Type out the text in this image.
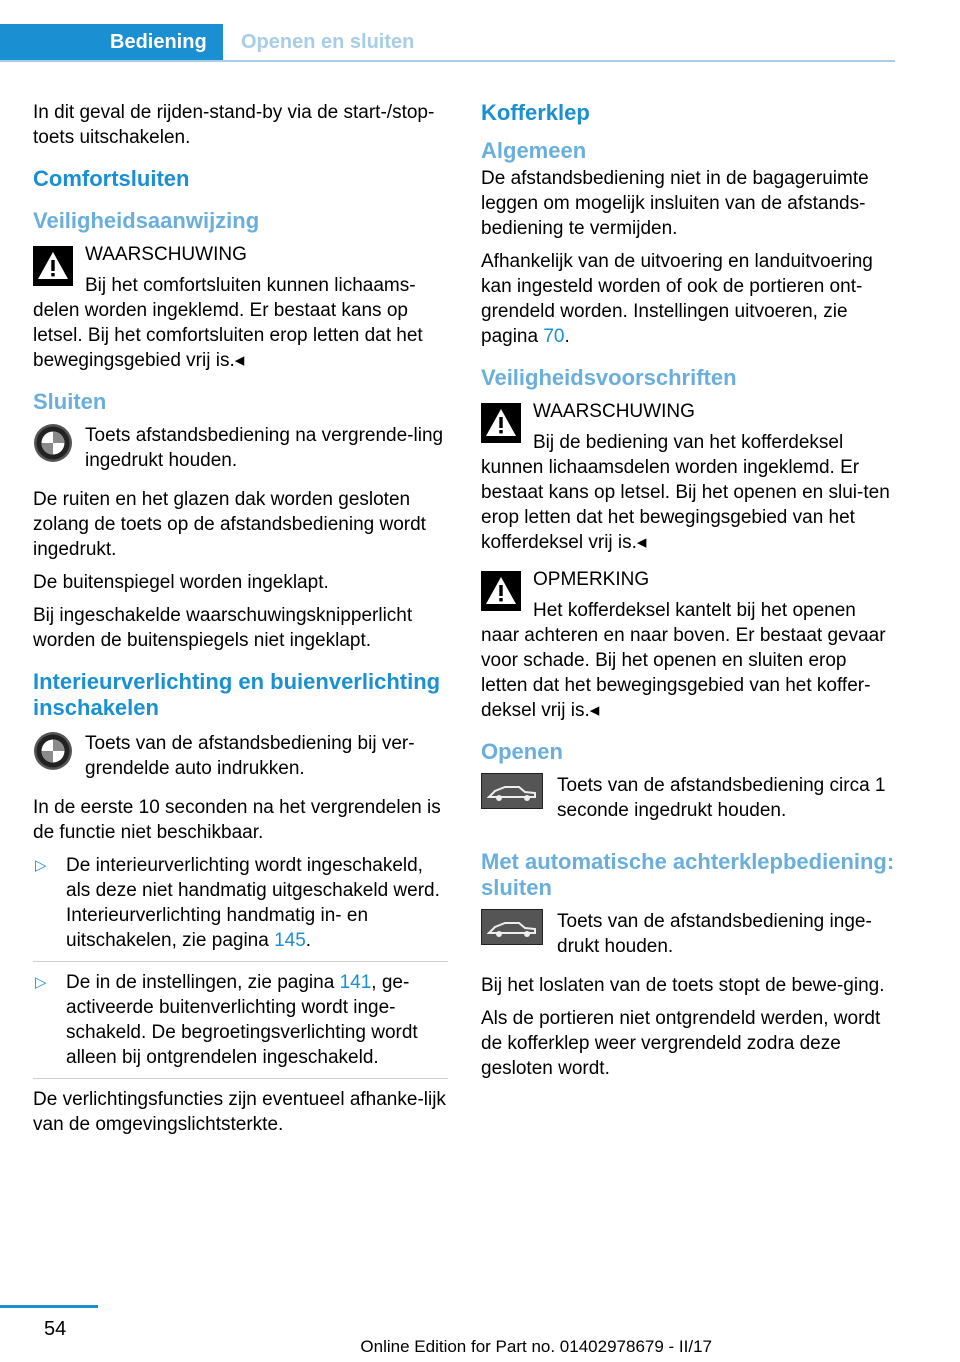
Bediening	Openen en sluiten

In dit geval de rijden-stand-by via de start-/stop-toets uitschakelen.

Comfortsluiten
Veiligheidsaanwijzing
WAARSCHUWING
Bij het comfortsluiten kunnen lichaams-delen worden ingeklemd. Er bestaat kans op letsel. Bij het comfortsluiten erop letten dat het bewegingsgebied vrij is.◂
Sluiten
Toets afstandsbediening na vergrende-ling ingedrukt houden.

De ruiten en het glazen dak worden gesloten zolang de toets op de afstandsbediening wordt ingedrukt.

De buitenspiegel worden ingeklapt.

Bij ingeschakelde waarschuwingsknipperlicht worden de buitenspiegels niet ingeklapt.

Interieurverlichting en buienverlichting inschakelen
Toets van de afstandsbediening bij ver-grendelde auto indrukken.

In de eerste 10 seconden na het vergrendelen is de functie niet beschikbaar.

▷ De interieurverlichting wordt ingeschakeld, als deze niet handmatig uitgeschakeld werd. Interieurverlichting handmatig in- en uitschakelen, zie pagina 145.
▷ De in de instellingen, zie pagina 141, ge-activeerde buitenverlichting wordt inge-schakeld. De begroetingsverlichting wordt alleen bij ontgrendelen ingeschakeld.

De verlichtingsfuncties zijn eventueel afhanke-lijk van de omgevingslichtsterkte.

Kofferklep
Algemeen

De afstandsbediening niet in de bagageruimte leggen om mogelijk insluiten van de afstands-bediening te vermijden.

Afhankelijk van de uitvoering en landuitvoering kan ingesteld worden of ook de portieren ont-grendeld worden. Instellingen uitvoeren, zie pagina 70.

Veiligheidsvoorschriften
WAARSCHUWING
Bij de bediening van het kofferdeksel kunnen lichaamsdelen worden ingeklemd. Er bestaat kans op letsel. Bij het openen en slui-ten erop letten dat het bewegingsgebied van het kofferdeksel vrij is.◂
OPMERKING
Het kofferdeksel kantelt bij het openen naar achteren en naar boven. Er bestaat gevaar voor schade. Bij het openen en sluiten erop letten dat het bewegingsgebied van het koffer-deksel vrij is.◂
Openen
Toets van de afstandsbediening circa 1 seconde ingedrukt houden.
Met automatische achterklepbediening: sluiten
Toets van de afstandsbediening inge-drukt houden.

Bij het loslaten van de toets stopt de bewe-ging.

Als de portieren niet ontgrendeld werden, wordt de kofferklep weer vergrendeld zodra deze gesloten wordt.

54
Online Edition for Part no. 01402978679 - II/17
